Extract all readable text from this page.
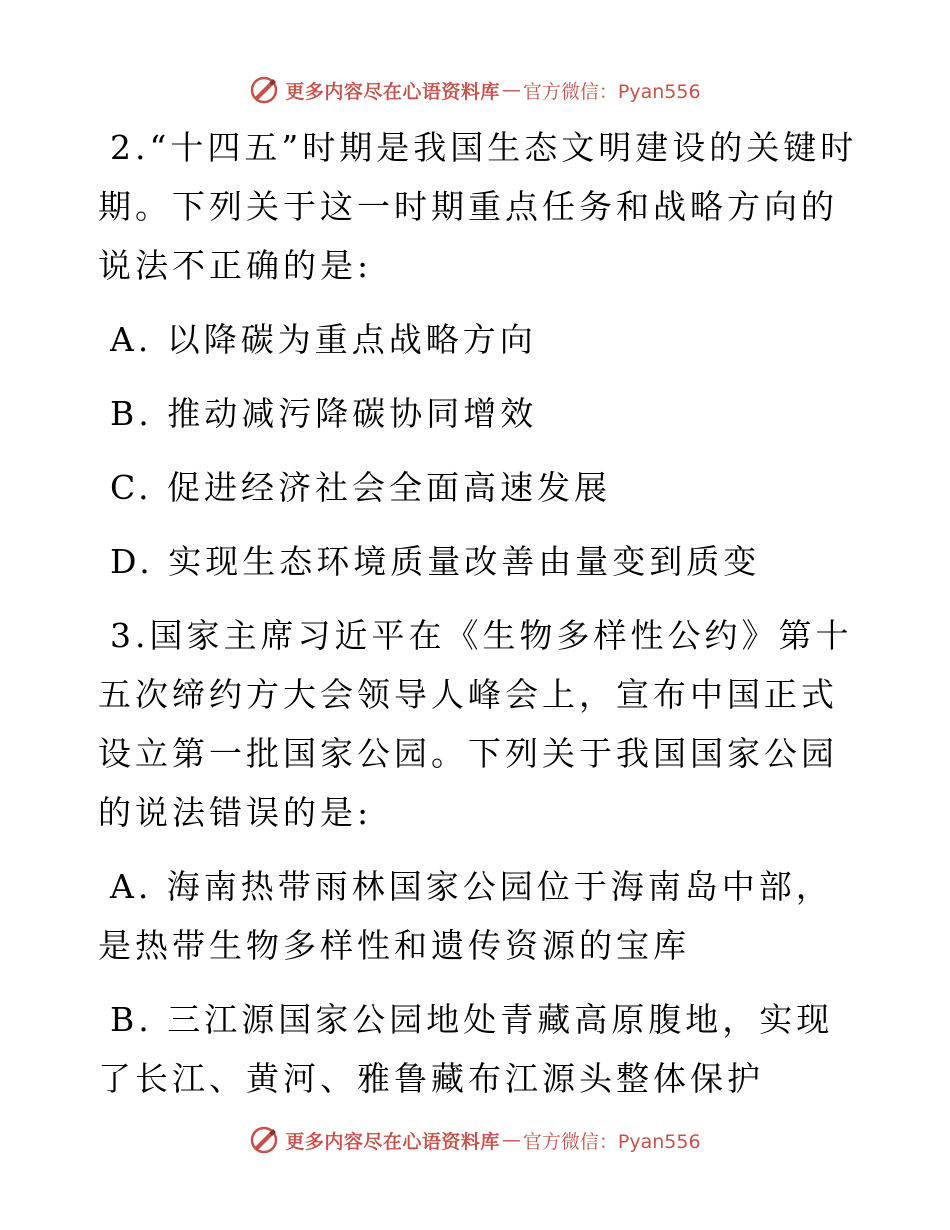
更多内容尽在心语资料库 — 官方微信：Pyan556

2.“十四五”时期是我国生态文明建设的关键时期。下列关于这一时期重点任务和战略方向的说法不正确的是:

A. 以降碳为重点战略方向

B. 推动减污降碳协同增效

C. 促进经济社会全面高速发展

D. 实现生态环境质量改善由量变到质变

3.国家主席习近平在《生物多样性公约》第十五次缔约方大会领导人峰会上，宣布中国正式设立第一批国家公园。下列关于我国国家公园的说法错误的是:

A. 海南热带雨林国家公园位于海南岛中部，是热带生物多样性和遗传资源的宝库

B. 三江源国家公园地处青藏高原腹地，实现了长江、黄河、雅鲁藏布江源头整体保护

更多内容尽在心语资料库 — 官方微信：Pyan556
